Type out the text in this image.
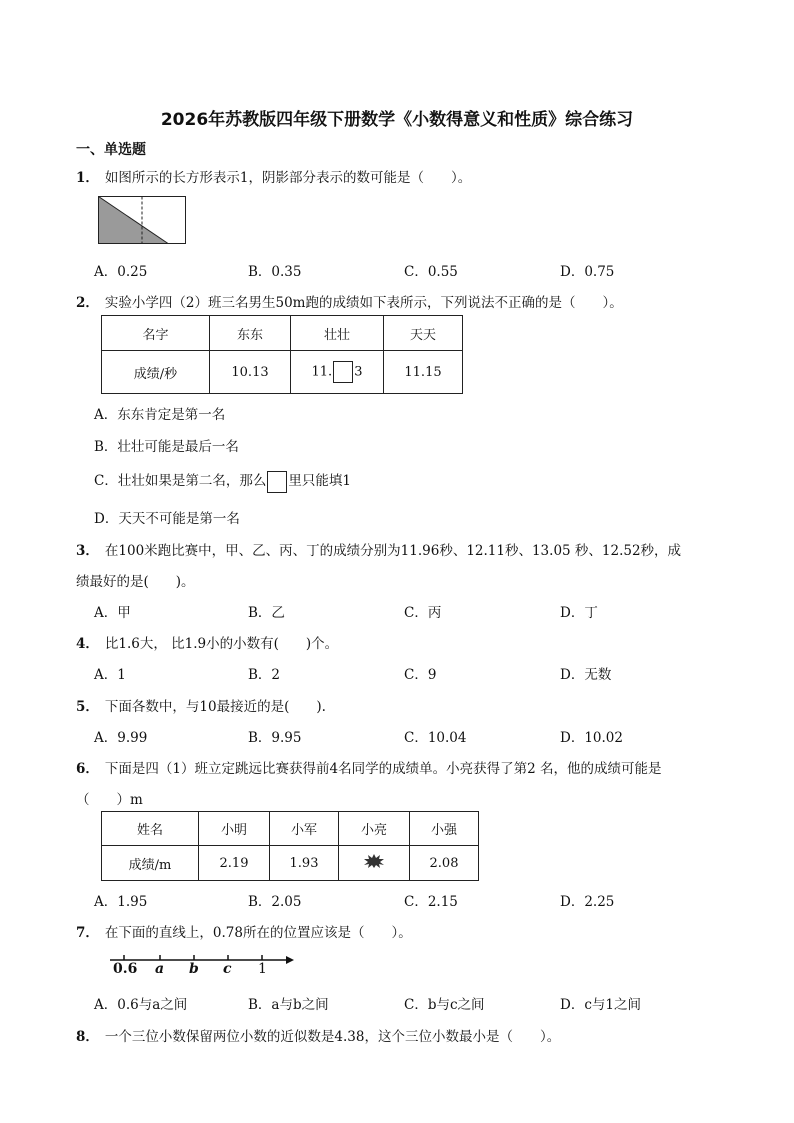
2026年苏教版四年级下册数学《小数得意义和性质》综合练习
一、单选题
1． 如图所示的长方形表示1，阴影部分表示的数可能是（　　）。
A．0.25	B．0.35	C．0.55	D．0.75
2． 实验小学四（2）班三名男生50m跑的成绩如下表所示，下列说法不正确的是（　　）。
名字	东东	壮壮	天天
成绩/秒	10.13	11. 3	11.15
A．东东肯定是第一名
B．壮壮可能是最后一名
C．壮壮如果是第二名，那么 里只能填1
D．天天不可能是第一名
3． 在100米跑比赛中，甲、乙、丙、丁的成绩分别为11.96秒、12.11秒、13.05 秒、12.52秒，成
绩最好的是(　　)。
A．甲	B．乙	C．丙	D．丁
4． 比1.6大， 比1.9小的小数有(　　)个。
A．1	B．2	C．9	D．无数
5． 下面各数中，与10最接近的是(　　).
A．9.99	B．9.95	C．10.04	D．10.02
6． 下面是四（1）班立定跳远比赛获得前4名同学的成绩单。小亮获得了第2 名，他的成绩可能是
（　　）m
姓名	小明	小军	小亮	小强
成绩/m	2.19	1.93		2.08
A．1.95	B．2.05	C．2.15	D．2.25
7． 在下面的直线上，0.78所在的位置应该是（　　）。
0.6 a b c 1
A．0.6与a之间	B．a与b之间	C．b与c之间	D．c与1之间
8． 一个三位小数保留两位小数的近似数是4.38，这个三位小数最小是（　　）。
